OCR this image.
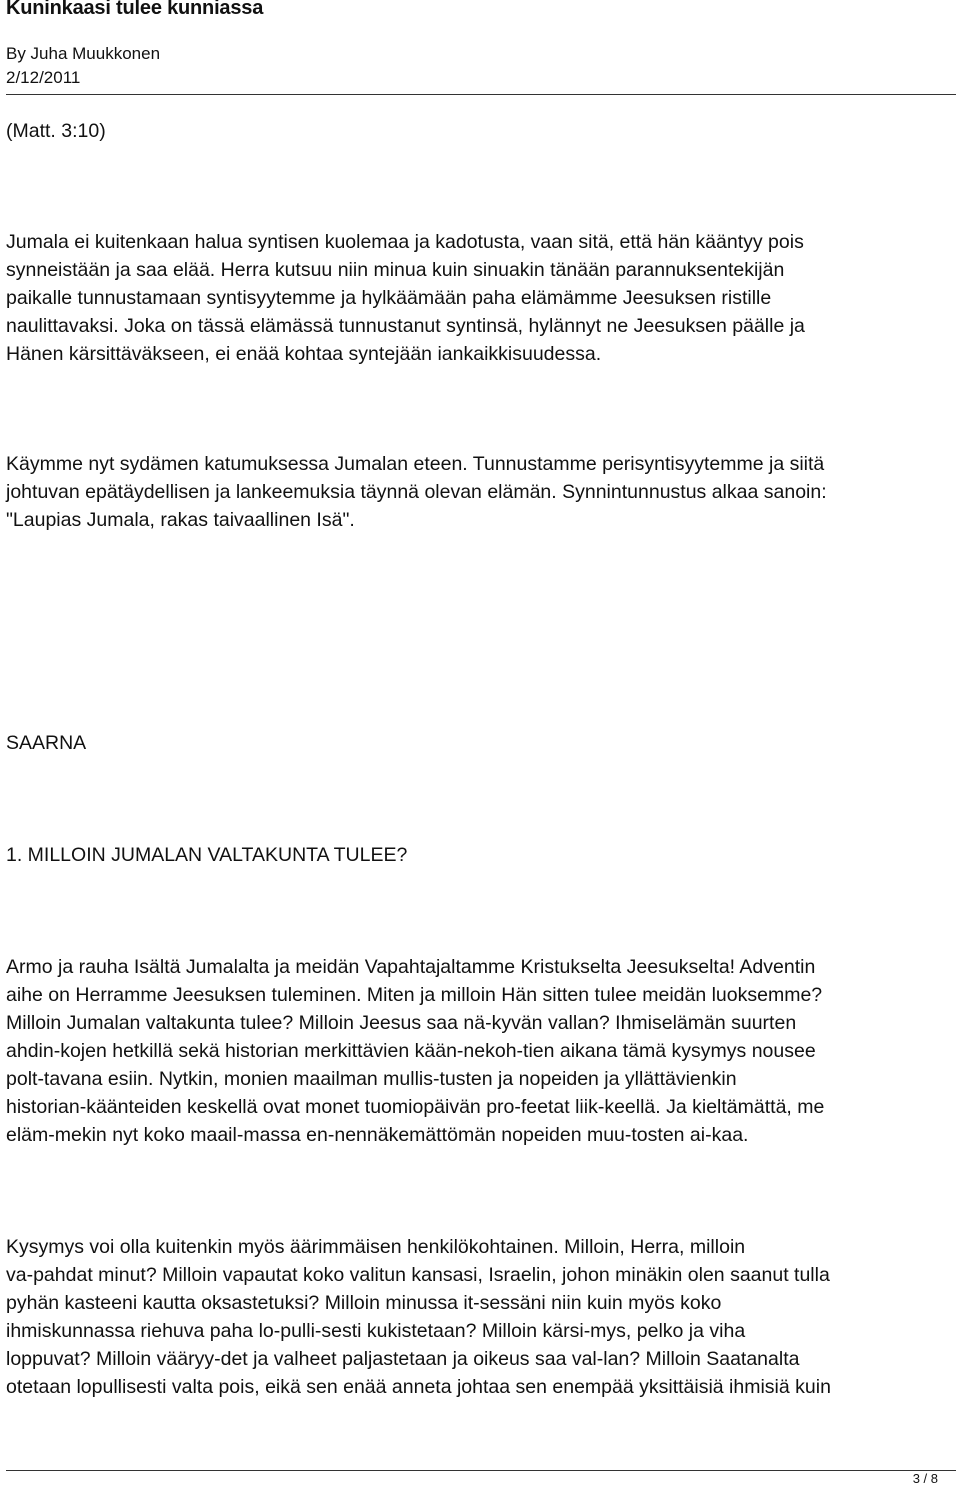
Kuninkaasi tulee kunniassa
By Juha Muukkonen
2/12/2011
(Matt. 3:10)
Jumala ei kuitenkaan halua syntisen kuolemaa ja kadotusta, vaan sitä, että hän kääntyy pois
synneistään ja saa elää. Herra kutsuu niin minua kuin sinuakin tänään parannuksentekijän
paikalle tunnustamaan syntisyytemme ja hylkäämään paha elämämme Jeesuksen ristille
naulittavaksi. Joka on tässä elämässä tunnustanut syntinsä, hylännyt ne Jeesuksen päälle ja
Hänen kärsittäväkseen, ei enää kohtaa syntejään iankaikkisuudessa.
Käymme nyt sydämen katumuksessa Jumalan eteen. Tunnustamme perisyntisyytemme ja siitä
johtuvan epätäydellisen ja lankeemuksia täynnä olevan elämän. Synnintunnustus alkaa sanoin:
"Laupias Jumala, rakas taivaallinen Isä".
SAARNA
1. MILLOIN JUMALAN VALTAKUNTA TULEE?
Armo ja rauha Isältä Jumalalta ja meidän Vapahtajaltamme Kristukselta Jeesukselta! Adventin
aihe on Herramme Jeesuksen tuleminen. Miten ja milloin Hän sitten tulee meidän luoksemme?
Milloin Jumalan valtakunta tulee? Milloin Jeesus saa nä-kyvän vallan? Ihmiselämän suurten
ahdin-kojen hetkillä sekä historian merkittävien kään-nekoh-tien aikana tämä kysymys nousee
polt-tavana esiin. Nytkin, monien maailman mullis-tusten ja nopeiden ja yllättävienkin
historian-käänteiden keskellä ovat monet tuomiopäivän pro-feetat liik-keellä. Ja kieltämättä, me
eläm-mekin nyt koko maail-massa en-nennäkemättömän nopeiden muu-tosten ai-kaa.
Kysymys voi olla kuitenkin myös äärimmäisen henkilökohtainen. Milloin, Herra, milloin
va-pahdat minut? Milloin vapautat koko valitun kansasi, Israelin, johon minäkin olen saanut tulla
pyhän kasteeni kautta oksastetuksi? Milloin minussa it-sessäni niin kuin myös koko
ihmiskunnassa riehuva paha lo-pulli-sesti kukistetaan? Milloin kärsi-mys, pelko ja viha
loppuvat? Milloin vääryy-det ja valheet paljastetaan ja oikeus saa val-lan? Milloin Saatanalta
otetaan lopullisesti valta pois, eikä sen enää anneta johtaa sen enempää yksittäisiä ihmisiä kuin
3 / 8
